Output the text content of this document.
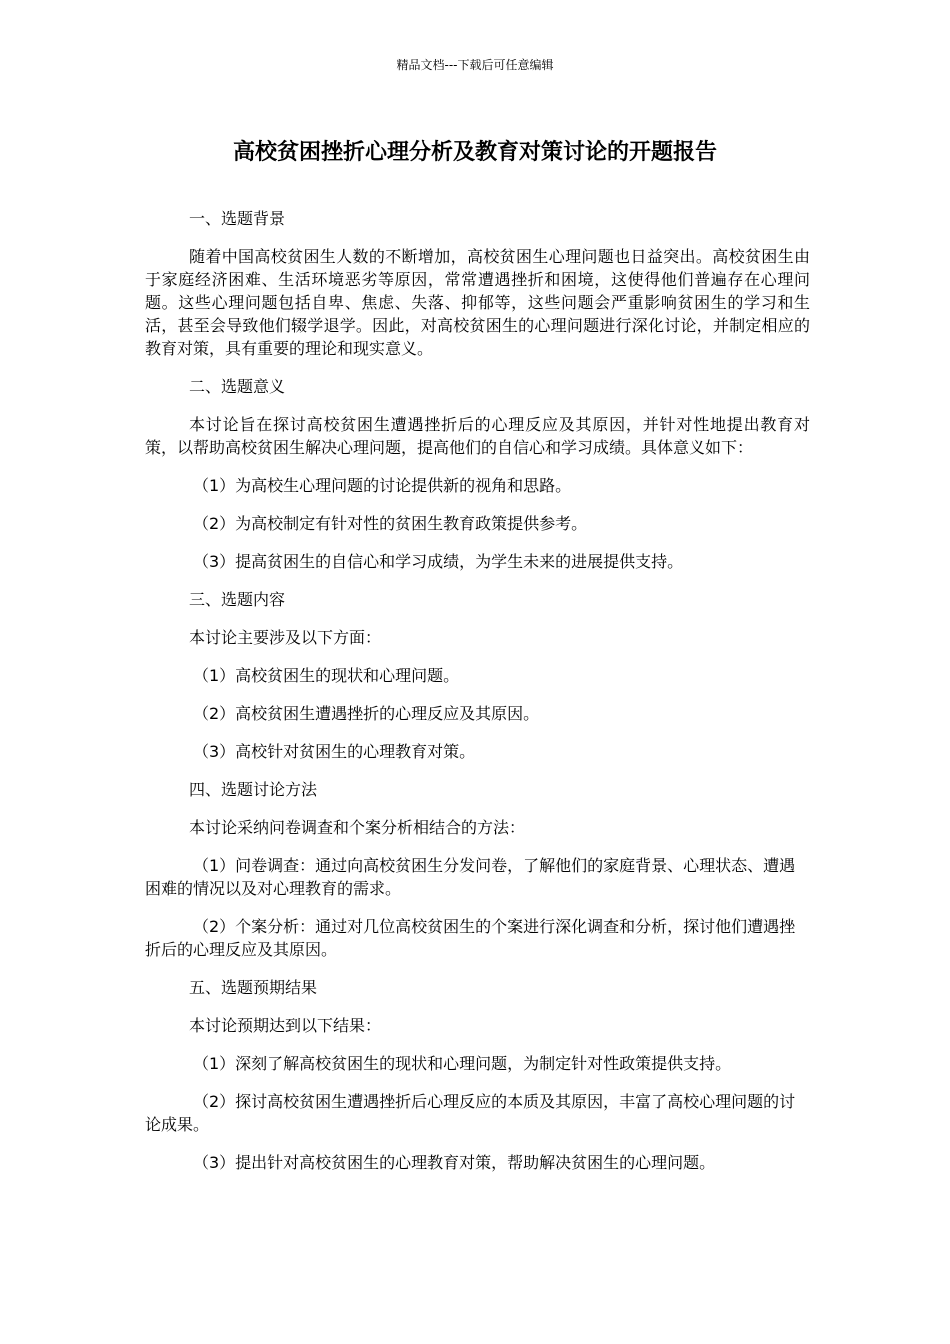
精品文档---下载后可任意编辑
高校贫困挫折心理分析及教育对策讨论的开题报告

一、选题背景

随着中国高校贫困生人数的不断增加，高校贫困生心理问题也日益突出。高校贫困生由于家庭经济困难、生活环境恶劣等原因，常常遭遇挫折和困境，这使得他们普遍存在心理问题。这些心理问题包括自卑、焦虑、失落、抑郁等，这些问题会严重影响贫困生的学习和生活，甚至会导致他们辍学退学。因此，对高校贫困生的心理问题进行深化讨论，并制定相应的教育对策，具有重要的理论和现实意义。

二、选题意义

本讨论旨在探讨高校贫困生遭遇挫折后的心理反应及其原因，并针对性地提出教育对策，以帮助高校贫困生解决心理问题，提高他们的自信心和学习成绩。具体意义如下：

（1）为高校生心理问题的讨论提供新的视角和思路。

（2）为高校制定有针对性的贫困生教育政策提供参考。

（3）提高贫困生的自信心和学习成绩，为学生未来的进展提供支持。

三、选题内容

本讨论主要涉及以下方面：

（1）高校贫困生的现状和心理问题。

（2）高校贫困生遭遇挫折的心理反应及其原因。

（3）高校针对贫困生的心理教育对策。

四、选题讨论方法

本讨论采纳问卷调查和个案分析相结合的方法：

（1）问卷调查：通过向高校贫困生分发问卷，了解他们的家庭背景、心理状态、遭遇困难的情况以及对心理教育的需求。

（2）个案分析：通过对几位高校贫困生的个案进行深化调查和分析，探讨他们遭遇挫折后的心理反应及其原因。

五、选题预期结果

本讨论预期达到以下结果：

（1）深刻了解高校贫困生的现状和心理问题，为制定针对性政策提供支持。

（2）探讨高校贫困生遭遇挫折后心理反应的本质及其原因，丰富了高校心理问题的讨论成果。

（3）提出针对高校贫困生的心理教育对策，帮助解决贫困生的心理问题。
